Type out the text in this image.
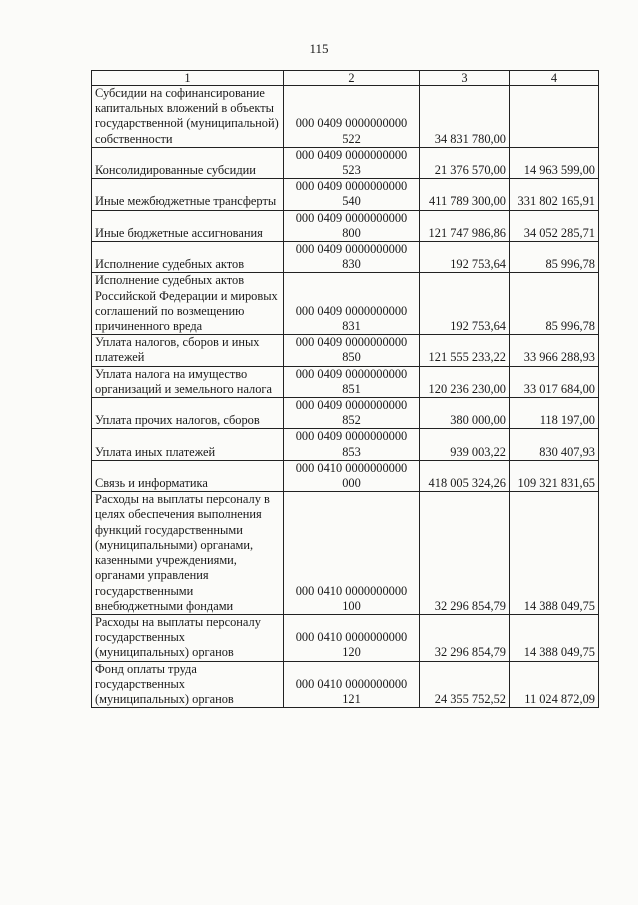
115
1	2	3	4
Субсидии на софинансирование капитальных вложений в объекты государственной (муниципальной) собственности	000 0409 0000000000 522	34 831 780,00	
Консолидированные субсидии	000 0409 0000000000 523	21 376 570,00	14 963 599,00
Иные межбюджетные трансферты	000 0409 0000000000 540	411 789 300,00	331 802 165,91
Иные бюджетные ассигнования	000 0409 0000000000 800	121 747 986,86	34 052 285,71
Исполнение судебных актов	000 0409 0000000000 830	192 753,64	85 996,78
Исполнение судебных актов Российской Федерации и мировых соглашений по возмещению причиненного вреда	000 0409 0000000000 831	192 753,64	85 996,78
Уплата налогов, сборов и иных платежей	000 0409 0000000000 850	121 555 233,22	33 966 288,93
Уплата налога на имущество организаций и земельного налога	000 0409 0000000000 851	120 236 230,00	33 017 684,00
Уплата прочих налогов, сборов	000 0409 0000000000 852	380 000,00	118 197,00
Уплата иных платежей	000 0409 0000000000 853	939 003,22	830 407,93
Связь и информатика	000 0410 0000000000 000	418 005 324,26	109 321 831,65
Расходы на выплаты персоналу в целях обеспечения выполнения функций государственными (муниципальными) органами, казенными учреждениями, органами управления государственными внебюджетными фондами	000 0410 0000000000 100	32 296 854,79	14 388 049,75
Расходы на выплаты персоналу государственных (муниципальных) органов	000 0410 0000000000 120	32 296 854,79	14 388 049,75
Фонд оплаты труда государственных (муниципальных) органов	000 0410 0000000000 121	24 355 752,52	11 024 872,09
